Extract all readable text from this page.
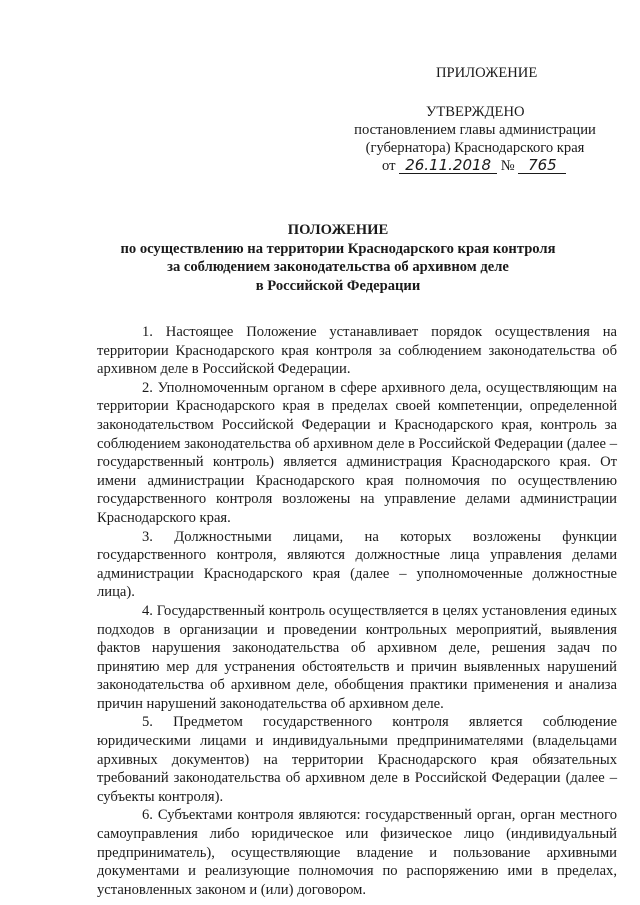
ПРИЛОЖЕНИЕ
УТВЕРЖДЕНО
постановлением главы администрации
(губернатора) Краснодарского края
от 26.11.2018 № 765
ПОЛОЖЕНИЕ
по осуществлению на территории Краснодарского края контроля
за соблюдением законодательства об архивном деле
в Российской Федерации

1. Настоящее Положение устанавливает порядок осуществления на территории Краснодарского края контроля за соблюдением законодательства об архивном деле в Российской Федерации.

2. Уполномоченным органом в сфере архивного дела, осуществляющим на территории Краснодарского края в пределах своей компетенции, определенной законодательством Российской Федерации и Краснодарского края, контроль за соблюдением законодательства об архивном деле в Российской Федерации (далее – государственный контроль) является администрация Краснодарского края. От имени администрации Краснодарского края полномочия по осуществлению государственного контроля возложены на управление делами администрации Краснодарского края.

3. Должностными лицами, на которых возложены функции государственного контроля, являются должностные лица управления делами администрации Краснодарского края (далее – уполномоченные должностные лица).

4. Государственный контроль осуществляется в целях установления единых подходов в организации и проведении контрольных мероприятий, выявления фактов нарушения законодательства об архивном деле, решения задач по принятию мер для устранения обстоятельств и причин выявленных нарушений законодательства об архивном деле, обобщения практики применения и анализа причин нарушений законодательства об архивном деле.

5. Предметом государственного контроля является соблюдение юридическими лицами и индивидуальными предпринимателями (владельцами архивных документов) на территории Краснодарского края обязательных требований законодательства об архивном деле в Российской Федерации (далее – субъекты контроля).

6. Субъектами контроля являются: государственный орган, орган местного самоуправления либо юридическое или физическое лицо (индивидуальный предприниматель), осуществляющие владение и пользование архивными документами и реализующие полномочия по распоряжению ими в пределах, установленных законом и (или) договором.
